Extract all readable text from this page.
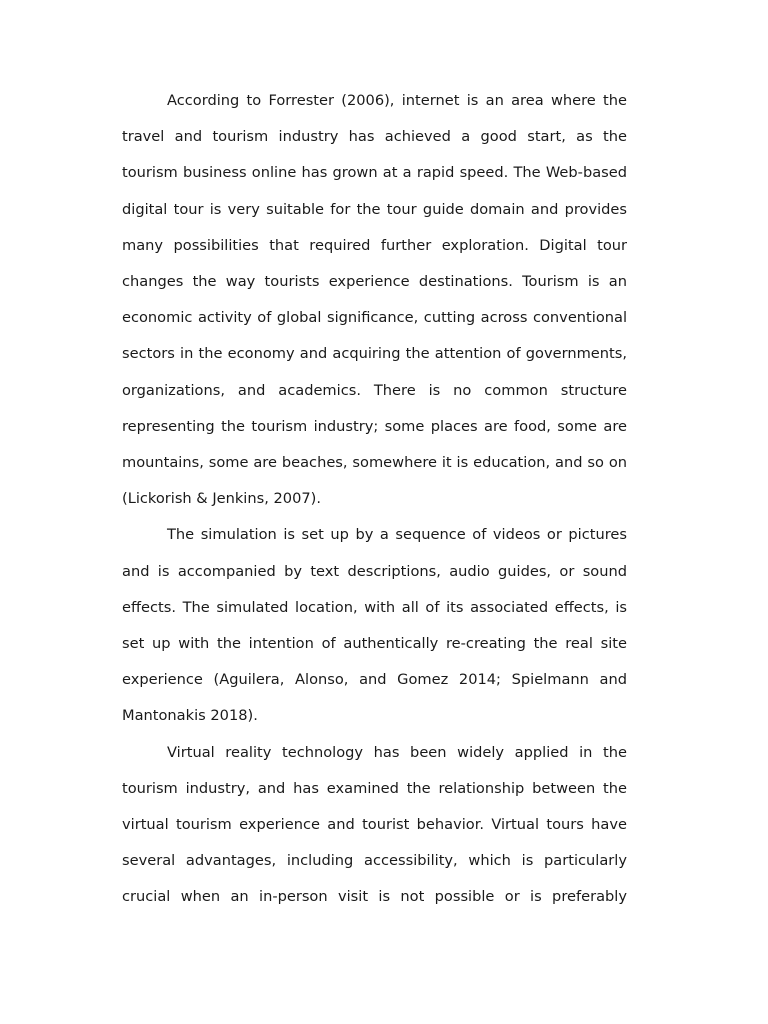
According to Forrester (2006), internet is an area where the travel and tourism industry has achieved a good start, as the tourism business online has grown at a rapid speed. The Web-based digital tour is very suitable for the tour guide domain and provides many possibilities that required further exploration. Digital tour changes the way tourists experience destinations. Tourism is an economic activity of global significance, cutting across conventional sectors in the economy and acquiring the attention of governments, organizations, and academics. There is no common structure representing the tourism industry; some places are food, some are mountains, some are beaches, somewhere it is education, and so on (Lickorish & Jenkins, 2007).

The simulation is set up by a sequence of videos or pictures and is accompanied by text descriptions, audio guides, or sound effects. The simulated location, with all of its associated effects, is set up with the intention of authentically re-creating the real site experience (Aguilera, Alonso, and Gomez 2014; Spielmann and Mantonakis 2018).

Virtual reality technology has been widely applied in the tourism industry, and has examined the relationship between the virtual tourism experience and tourist behavior. Virtual tours have several advantages, including accessibility, which is particularly crucial when an in-person visit is not possible or is preferably
